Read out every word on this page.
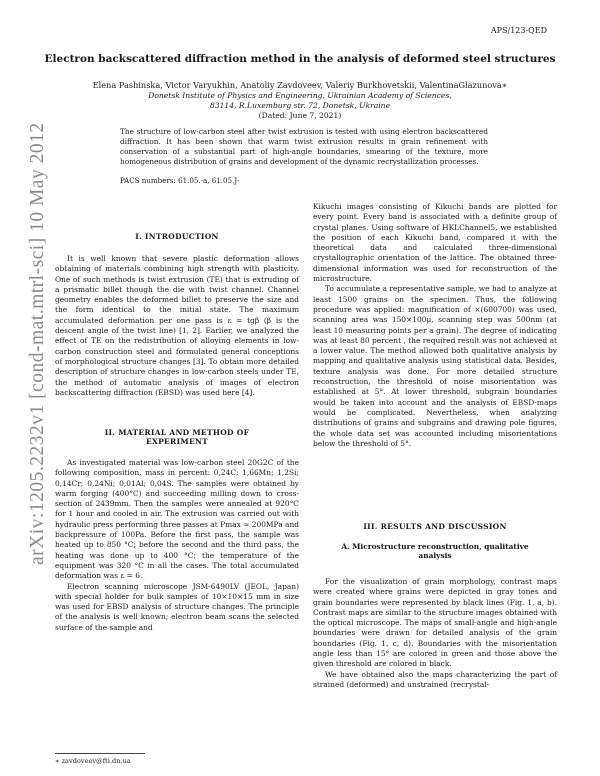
APS/123-QED
arXiv:1205.2232v1 [cond-mat.mtrl-sci] 10 May 2012
Electron backscattered diffraction method in the analysis of deformed steel structures
Elena Pashinska, Victor Varyukhin, Anatoliy Zavdoveev, Valeriy Burkhovetskii, ValentinaGlazunova∗
Donetsk Institute of Physics and Engineering, Ukrainian Academy of Sciences,
83114, R.Luxemburg str. 72, Donetsk, Ukraine
(Dated: June 7, 2021)
The structure of low-carbon steel after twist extrusion is tested with using electron backscattered diffraction. It has been shown that warm twist extrusion results in grain refinement with conservation of a substantial part of high-angle boundaries, smearing of the texture, more homogeneous distribution of grains and development of the dynamic recrystallization processes.
PACS numbers: 61.05.-a, 61.05.J-
I. INTRODUCTION

It is well known that severe plastic deformation allows obtaining of materials combining high strength with plasticity. One of such methods is twist extrusion (TE) that is extruding of a prismatic billet though the die with twist channel. Channel geometry enables the deformed billet to preserve the size and the form identical to the initial state. The maximum accumulated deformation per one pass is ε = tgβ (β is the descent angle of the twist line) [1, 2]. Earlier, we analyzed the effect of TE on the redistribution of alloying elements in low-carbon construction steel and formulated general conceptions of morphological structure changes [3]. To obtain more detailed description of structure changes in low-carbon steels under TE, the method of automatic analysis of images of electron backscattering diffraction (EBSD) was used here [4].

II. MATERIAL AND METHOD OF
EXPERIMENT

As investigated material was low-carbon steel 20G2C of the following composition, mass in percent: 0,24C; 1,66Mn; 1,2Si; 0,14Cr; 0,24Ni; 0,01Al; 0,04S. The samples were obtained by warm forging (400°C) and succeeding milling down to cross-section of 2439mm. Then the samples were annealed at 920°C for 1 hour and cooled in air. The extrusion was carried out with hydraulic press performing three passes at Pmax ≈ 200MPa and backpressure of 100Pa. Before the first pass, the sample was heated up to 850 °C; before the second and the third pass, the heating was done up to 400 °C; the temperature of the equipment was 320 °C in all the cases. The total accumulated deformation was ε = 6.

Electron scanning microscope JSM-6490LV (JEOL, Japan) with special holder for bulk samples of 10×10×15 mm in size was used for EBSD analysis of structure changes. The principle of the analysis is well known; electron beam scans the selected surface of the sample and

Kikuchi images consisting of Kikuchi bands are plotted for every point. Every band is associated with a definite group of crystal planes. Using software of HKLChannel5, we established the position of each Kikuchi band, compared it with the theoretical data and calculated three-dimensional crystallographic orientation of the lattice. The obtained three-dimensional information was used for reconstruction of the microstructure.

To accumulate a representative sample, we had to analyze at least 1500 grains on the specimen. Thus, the following procedure was applied: magnification of ×(600700) was used, scanning area was 150×100μ, scanning step was 500nm (at least 10 measuring points per a grain). The degree of indicating was at least 80 percent , the required result was not achieved at a lower value. The method allowed both qualitative analysis by mapping and qualitative analysis using statistical data. Besides, texture analysis was done. For more detailed structure reconstruction, the threshold of noise misorientation was established at 5°. At lower threshold, subgrain boundaries would be taken into account and the analysis of EBSD-maps would be complicated. Nevertheless, when analyzing distributions of grains and subgrains and drawing pole figures, the whole data set was accounted including misorientations below the threshold of 5°.

III. RESULTS AND DISCUSSION
A. Microstructure reconstruction, qualitative
analysis

For the visualization of grain morphology, contrast maps were created where grains were depicted in gray tones and grain boundaries were represented by black lines (Fig. 1, a, b). Contrast maps are similar to the structure images obtained with the optical microscope. The maps of small-angle and high-angle boundaries were drawn for detailed analysis of the grain boundaries (Fig. 1, c, d). Boundaries with the misorientation angle less than 15° are colored in green and those above the given threshold are colored in black.

We have obtained also the maps characterizing the part of strained (deformed) and unstrained (recrystal-

∗ zavdoveev@fti.dn.ua
